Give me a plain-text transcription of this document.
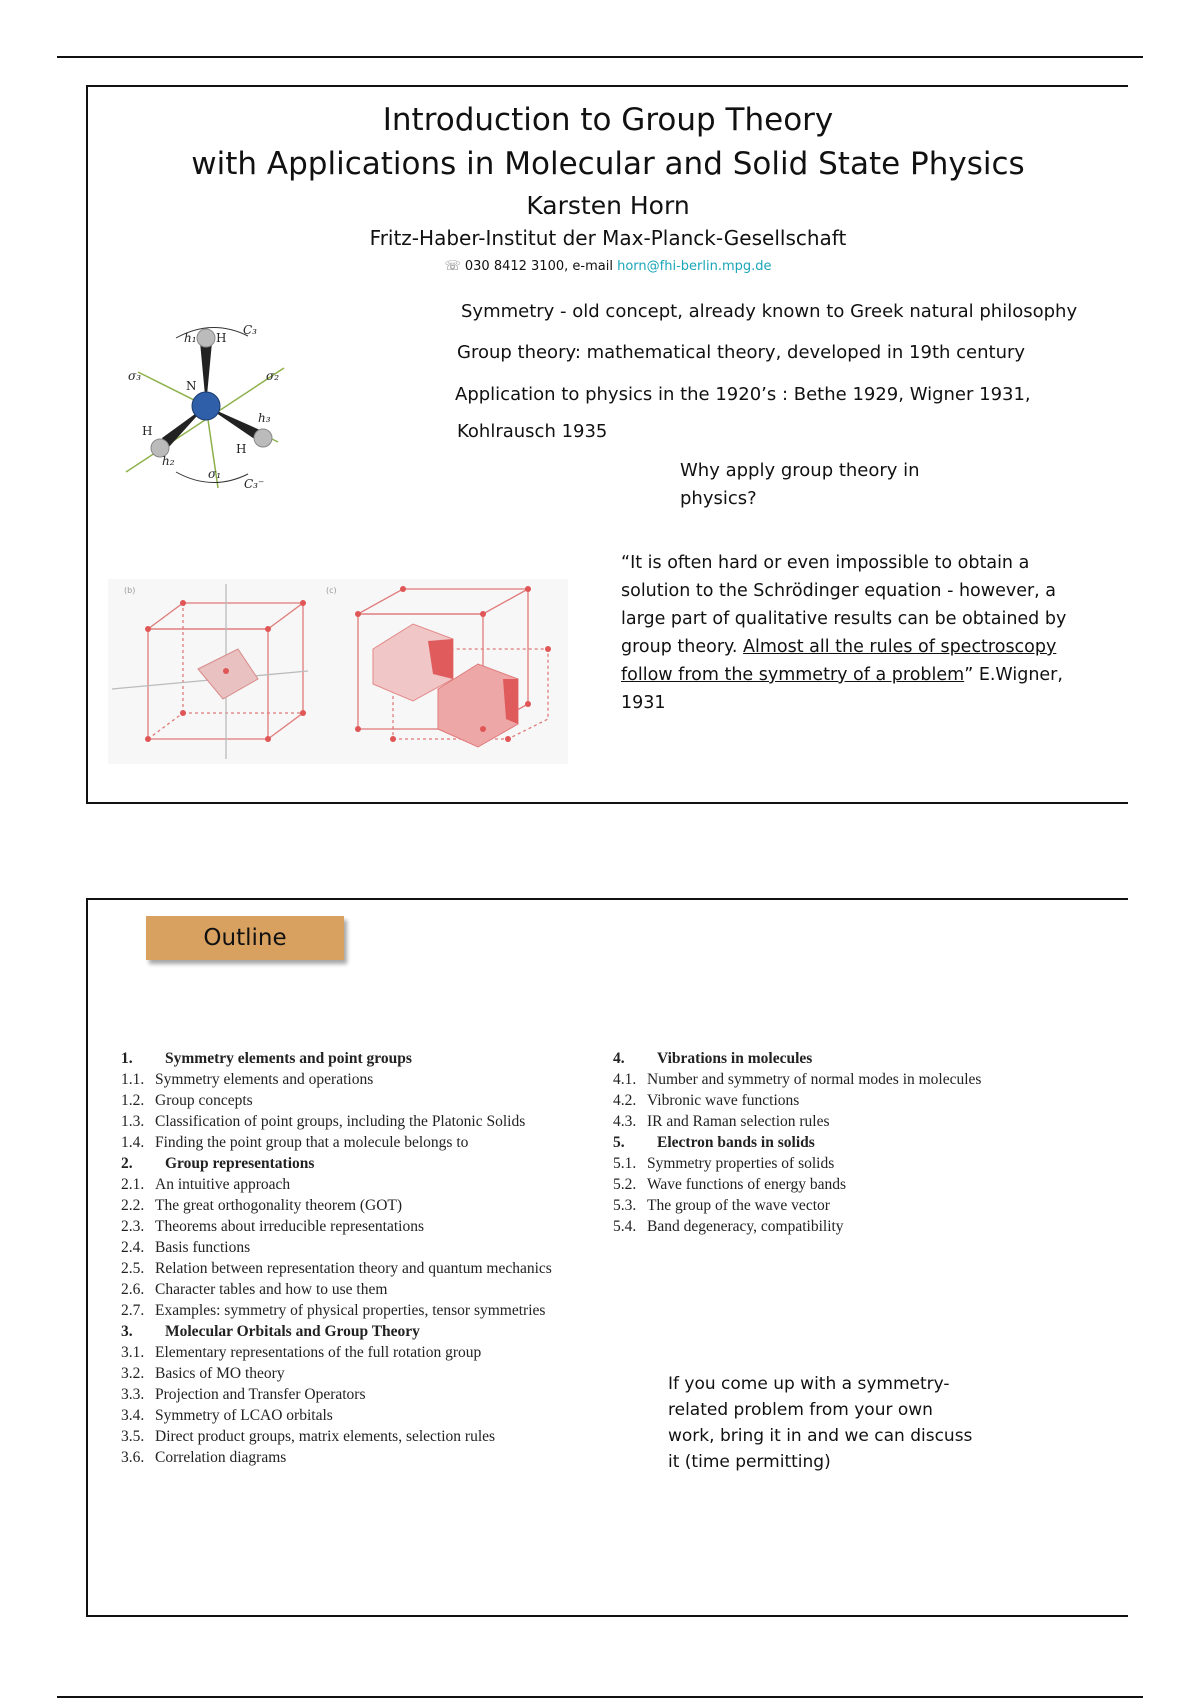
Introduction to Group Theory
with Applications in Molecular and Solid State Physics
Karsten Horn
Fritz-Haber-Institut der Max-Planck-Gesellschaft
☏ 030 8412 3100, e-mail horn@fhi-berlin.mpg.de
Symmetry - old concept, already known to Greek natural philosophy
Group theory: mathematical theory, developed in 19th century
Application to physics in the 1920’s : Bethe 1929, Wigner 1931,
Kohlrausch 1935
Why apply group theory in
physics?
“It is often hard or even impossible to obtain a
solution to the Schrödinger equation - however, a
large part of qualitative results can be obtained by
group theory. Almost all the rules of spectroscopy
follow from the symmetry of a problem” E.Wigner,
1931
N
H
H
H
h₁
h₂
h₃
σ₁
σ₂
σ₃
C₃
C₃⁻
(b)	(c)
Outline
1. Symmetry elements and point groups
1.1. Symmetry elements and operations
1.2. Group concepts
1.3. Classification of point groups, including the Platonic Solids
1.4. Finding the point group that a molecule belongs to
2. Group representations
2.1. An intuitive approach
2.2. The great orthogonality theorem (GOT)
2.3. Theorems about irreducible representations
2.4. Basis functions
2.5. Relation between representation theory and quantum mechanics
2.6. Character tables and how to use them
2.7. Examples: symmetry of physical properties, tensor symmetries
3. Molecular Orbitals and Group Theory
3.1. Elementary representations of the full rotation group
3.2. Basics of MO theory
3.3. Projection and Transfer Operators
3.4. Symmetry of LCAO orbitals
3.5. Direct product groups, matrix elements, selection rules
3.6. Correlation diagrams
4. Vibrations in molecules
4.1. Number and symmetry of normal modes in molecules
4.2. Vibronic wave functions
4.3. IR and Raman selection rules
5. Electron bands in solids
5.1. Symmetry properties of solids
5.2. Wave functions of energy bands
5.3. The group of the wave vector
5.4. Band degeneracy, compatibility
If you come up with a symmetry-
related problem from your own
work, bring it in and we can discuss
it (time permitting)
